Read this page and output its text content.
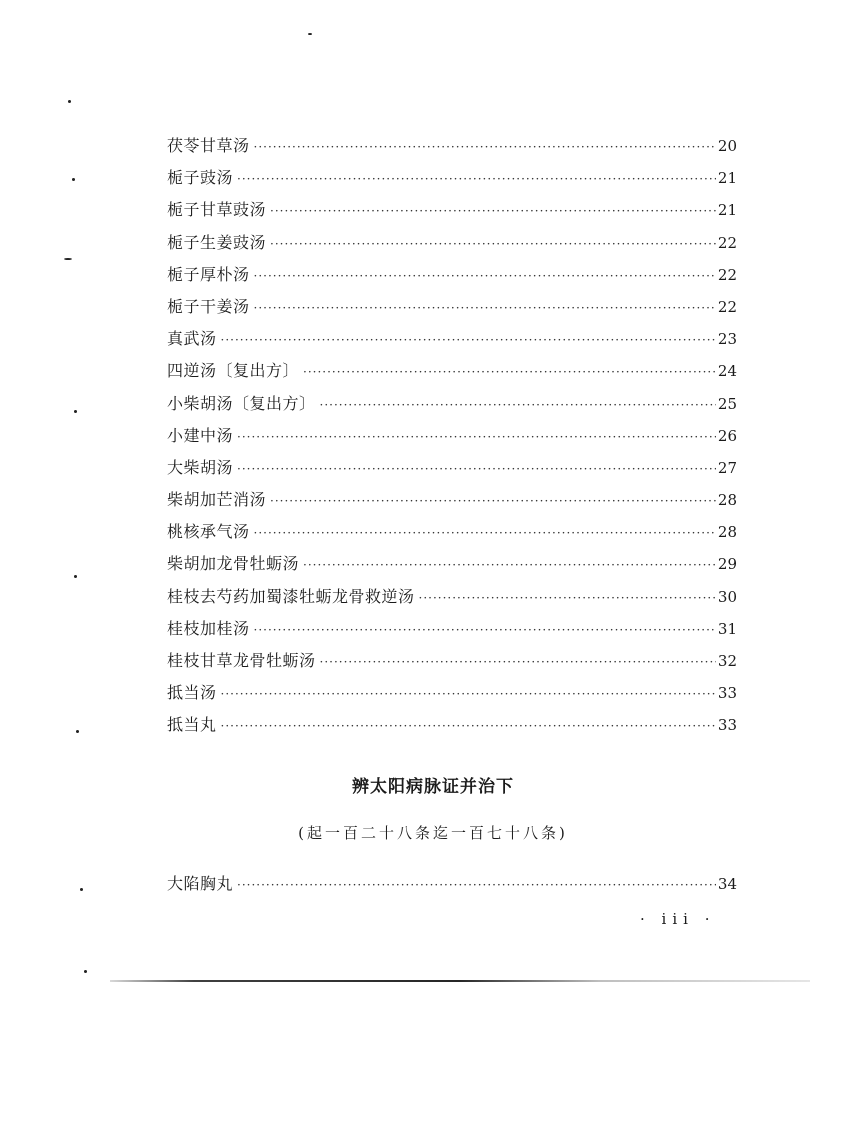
茯苓甘草汤 ·····	20
栀子豉汤 ·····	21
栀子甘草豉汤 ·····	21
栀子生姜豉汤 ·····	22
栀子厚朴汤 ·····	22
栀子干姜汤 ·····	22
真武汤 ·····	23
四逆汤〔复出方〕 ·····	24
小柴胡汤〔复出方〕 ·····	25
小建中汤 ·····	26
大柴胡汤 ·····	27
柴胡加芒消汤 ·····	28
桃核承气汤 ·····	28
柴胡加龙骨牡蛎汤 ·····	29
桂枝去芍药加蜀漆牡蛎龙骨救逆汤 ·····	30
桂枝加桂汤 ·····	31
桂枝甘草龙骨牡蛎汤 ·····	32
抵当汤 ·····	33
抵当丸 ·····	33
辨太阳病脉证并治下
(起一百二十八条迄一百七十八条)
大陷胸丸 ·····	34
· iii ·
